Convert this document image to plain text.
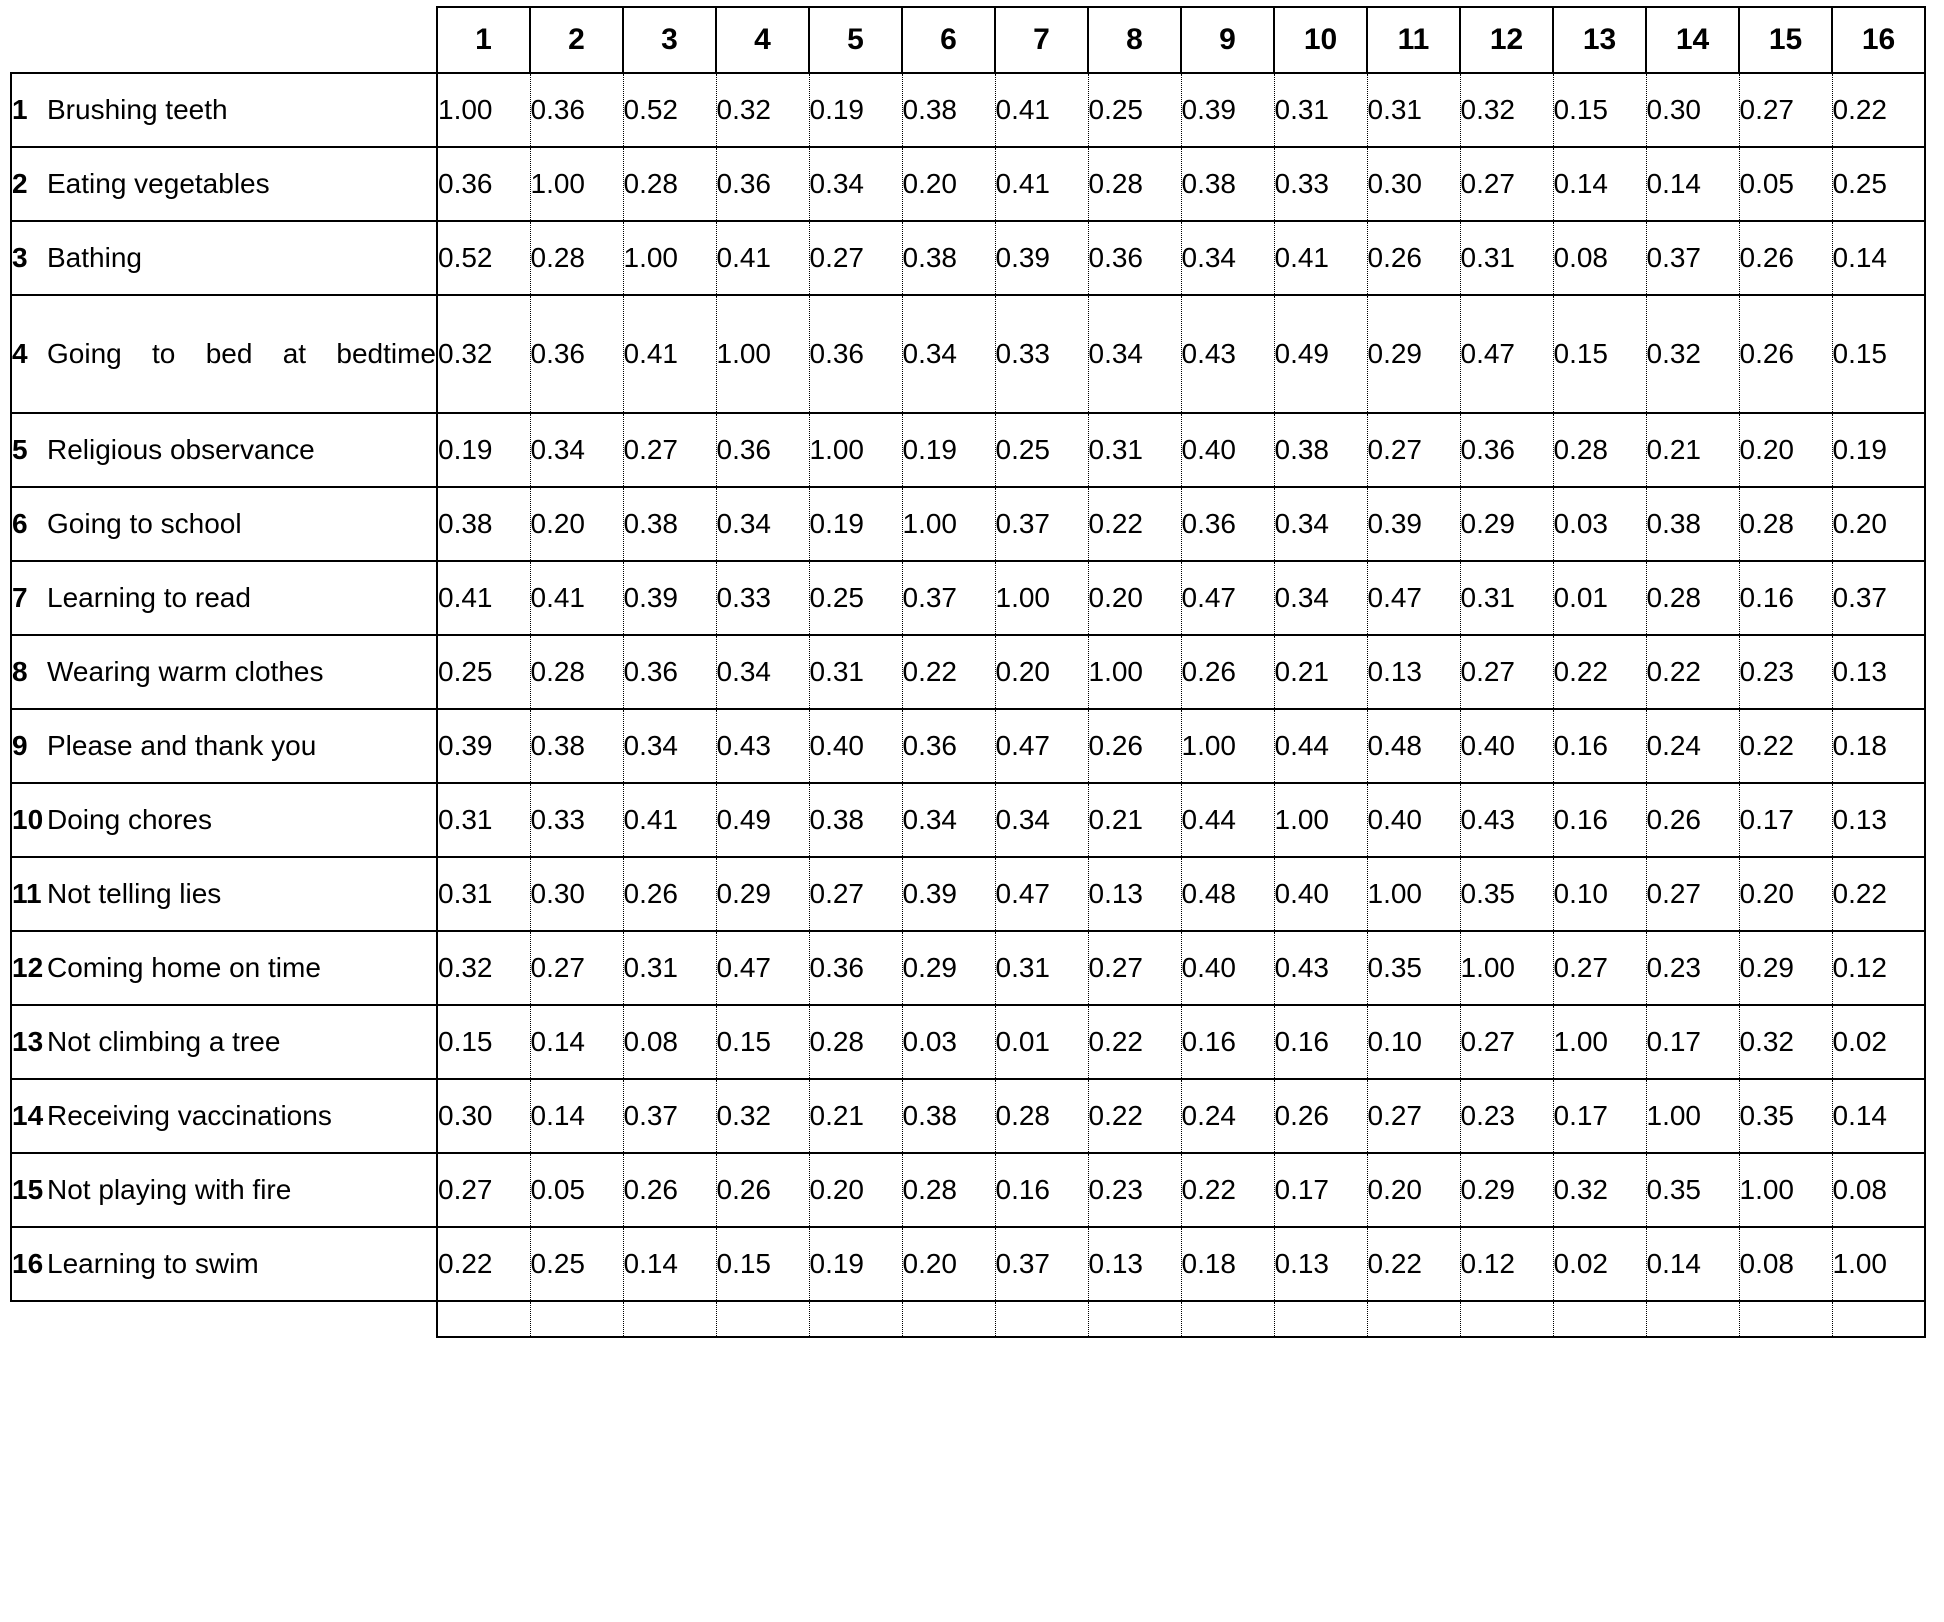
		1	2	3	4	5	6	7	8	9	10	11	12	13	14	15	16
1	Brushing teeth	1.00	0.36	0.52	0.32	0.19	0.38	0.41	0.25	0.39	0.31	0.31	0.32	0.15	0.30	0.27	0.22
2	Eating vegetables	0.36	1.00	0.28	0.36	0.34	0.20	0.41	0.28	0.38	0.33	0.30	0.27	0.14	0.14	0.05	0.25
3	Bathing	0.52	0.28	1.00	0.41	0.27	0.38	0.39	0.36	0.34	0.41	0.26	0.31	0.08	0.37	0.26	0.14
4	Going to bed at bedtime	0.32	0.36	0.41	1.00	0.36	0.34	0.33	0.34	0.43	0.49	0.29	0.47	0.15	0.32	0.26	0.15
5	Religious observance	0.19	0.34	0.27	0.36	1.00	0.19	0.25	0.31	0.40	0.38	0.27	0.36	0.28	0.21	0.20	0.19
6	Going to school	0.38	0.20	0.38	0.34	0.19	1.00	0.37	0.22	0.36	0.34	0.39	0.29	0.03	0.38	0.28	0.20
7	Learning to read	0.41	0.41	0.39	0.33	0.25	0.37	1.00	0.20	0.47	0.34	0.47	0.31	0.01	0.28	0.16	0.37
8	Wearing warm clothes	0.25	0.28	0.36	0.34	0.31	0.22	0.20	1.00	0.26	0.21	0.13	0.27	0.22	0.22	0.23	0.13
9	Please and thank you	0.39	0.38	0.34	0.43	0.40	0.36	0.47	0.26	1.00	0.44	0.48	0.40	0.16	0.24	0.22	0.18
10	Doing chores	0.31	0.33	0.41	0.49	0.38	0.34	0.34	0.21	0.44	1.00	0.40	0.43	0.16	0.26	0.17	0.13
11	Not telling lies	0.31	0.30	0.26	0.29	0.27	0.39	0.47	0.13	0.48	0.40	1.00	0.35	0.10	0.27	0.20	0.22
12	Coming home on time	0.32	0.27	0.31	0.47	0.36	0.29	0.31	0.27	0.40	0.43	0.35	1.00	0.27	0.23	0.29	0.12
13	Not climbing a tree	0.15	0.14	0.08	0.15	0.28	0.03	0.01	0.22	0.16	0.16	0.10	0.27	1.00	0.17	0.32	0.02
14	Receiving vaccinations	0.30	0.14	0.37	0.32	0.21	0.38	0.28	0.22	0.24	0.26	0.27	0.23	0.17	1.00	0.35	0.14
15	Not playing with fire	0.27	0.05	0.26	0.26	0.20	0.28	0.16	0.23	0.22	0.17	0.20	0.29	0.32	0.35	1.00	0.08
16	Learning to swim	0.22	0.25	0.14	0.15	0.19	0.20	0.37	0.13	0.18	0.13	0.22	0.12	0.02	0.14	0.08	1.00
